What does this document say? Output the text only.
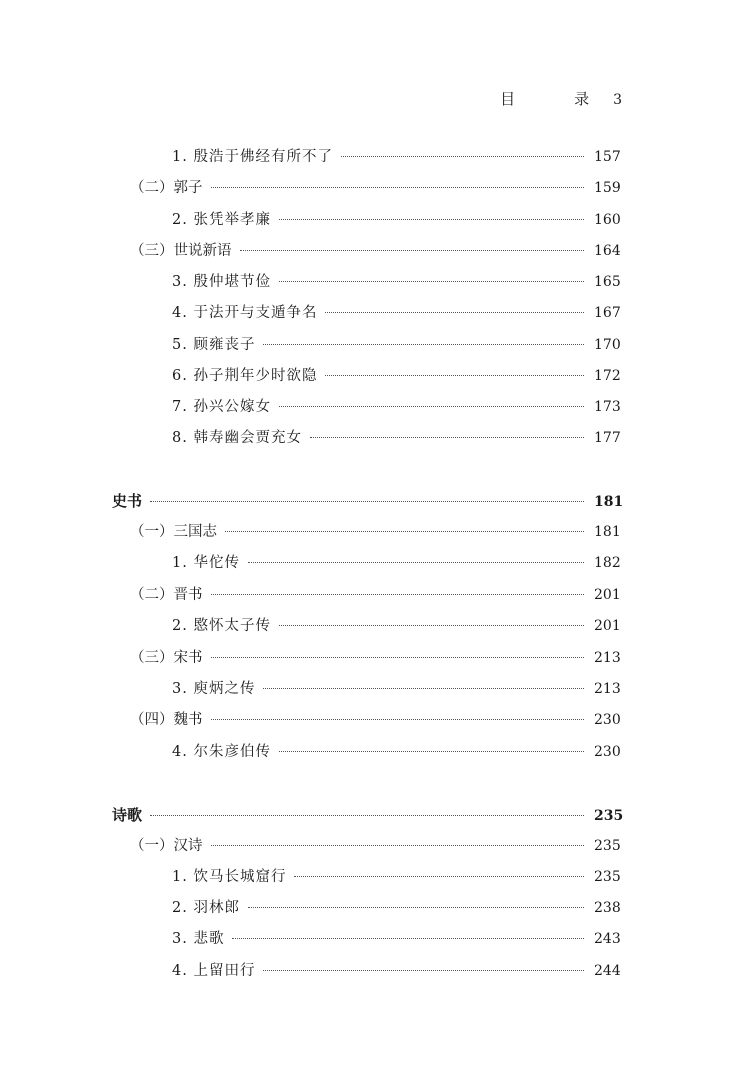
目　录 3
1. 殷浩于佛经有所不了	157
（二）郭子	159
2. 张凭举孝廉	160
（三）世说新语	164
3. 殷仲堪节俭	165
4. 于法开与支遁争名	167
5. 顾雍丧子	170
6. 孙子荆年少时欲隐	172
7. 孙兴公嫁女	173
8. 韩寿幽会贾充女	177
史书	181
（一）三国志	181
1. 华佗传	182
（二）晋书	201
2. 愍怀太子传	201
（三）宋书	213
3. 庾炳之传	213
（四）魏书	230
4. 尔朱彦伯传	230
诗歌	235
（一）汉诗	235
1. 饮马长城窟行	235
2. 羽林郎	238
3. 悲歌	243
4. 上留田行	244
